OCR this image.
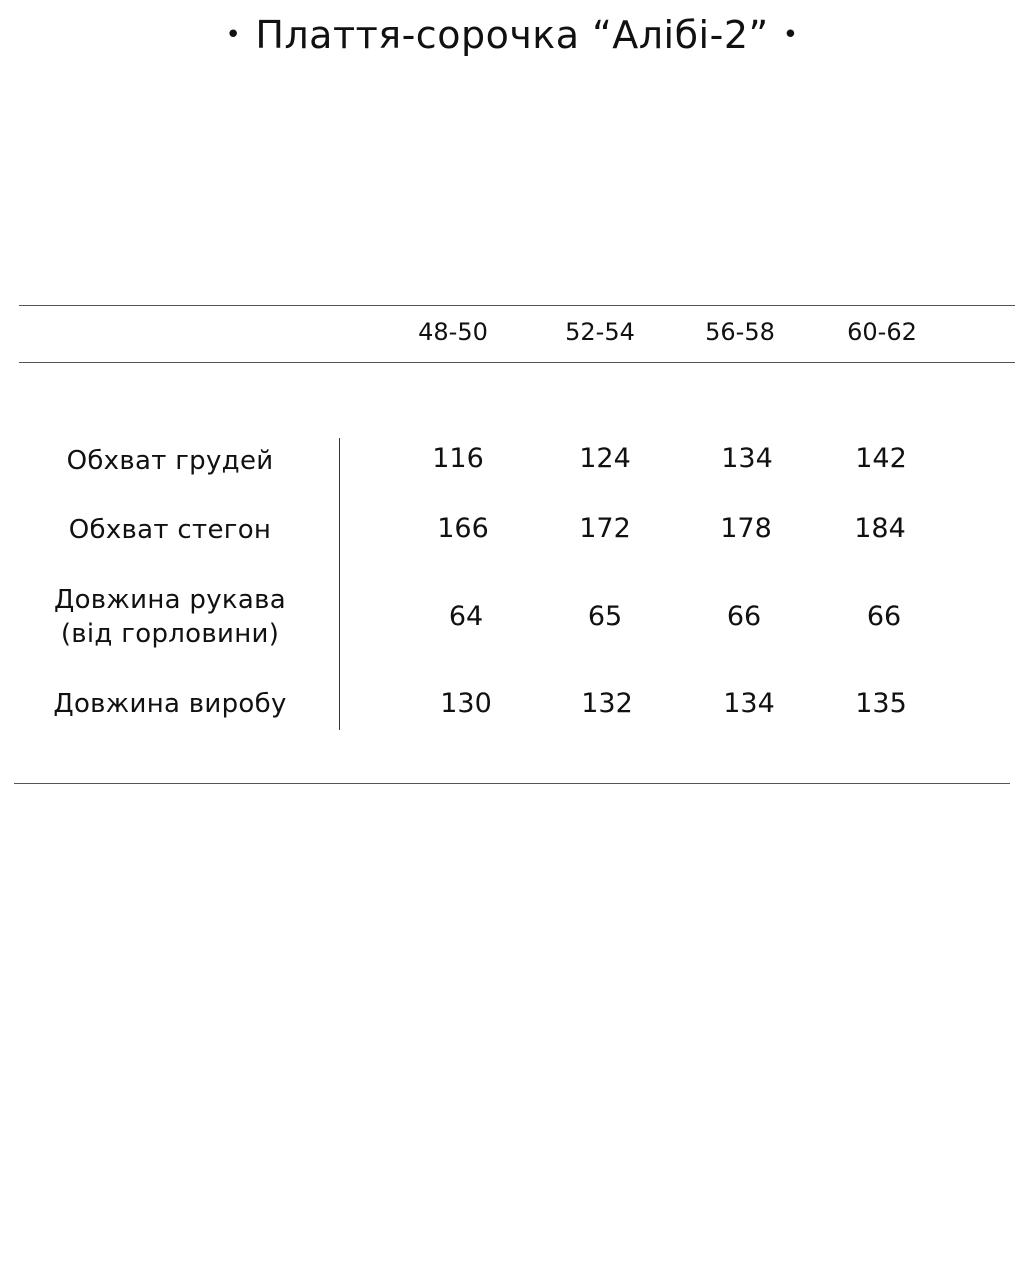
• Плаття-сорочка “Алібі-2” •
48-50	52-54	56-58	60-62
Обхват грудей	116	124	134	142
Обхват стегон	166	172	178	184
Довжина рукава
(від горловини)
64	65	66	66
Довжина виробу	130	132	134	135
